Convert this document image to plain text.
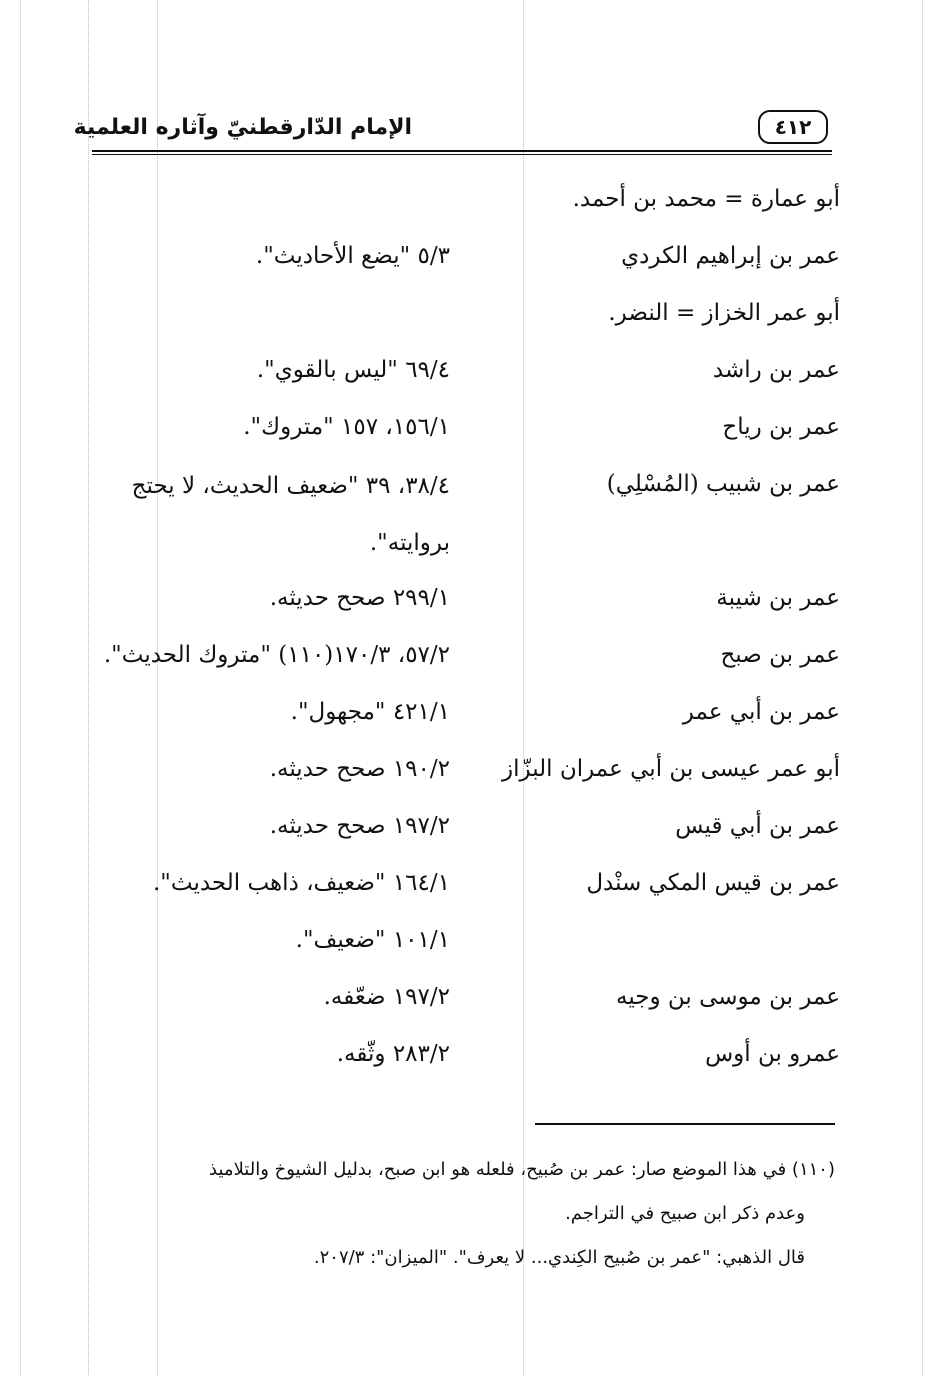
الإمام الدّارقطنيّ وآثاره العلمية	٤١٢
أبو عمارة = محمد بن أحمد.
عمر بن إبراهيم الكردي
٥/٣ "يضع الأحاديث".
أبو عمر الخزاز = النضر.
عمر بن راشد
٦٩/٤ "ليس بالقوي".
عمر بن رياح
١٥٦/١، ١٥٧ "متروك".
عمر بن شبيب (المُسْلِي)
٣٨/٤، ٣٩ "ضعيف الحديث، لا يحتج بروايته".
عمر بن شيبة
٢٩٩/١ صحح حديثه.
عمر بن صبح
٥٧/٢، ١٧٠/٣(١١٠) "متروك الحديث".
عمر بن أبي عمر
٤٢١/١ "مجهول".
أبو عمر عيسى بن أبي عمران البزّاز
١٩٠/٢ صحح حديثه.
عمر بن أبي قيس
١٩٧/٢ صحح حديثه.
عمر بن قيس المكي سنْدل
١٦٤/١ "ضعيف، ذاهب الحديث".
١٠١/١ "ضعيف".
عمر بن موسى بن وجيه
١٩٧/٢ ضعّفه.
عمرو بن أوس
٢٨٣/٢ وثّقه.
(١١٠) في هذا الموضع صار: عمر بن صُبيح، فلعله هو ابن صبح، بدليل الشيوخ والتلاميذ
وعدم ذكر ابن صبيح في التراجم.
قال الذهبي: "عمر بن صُبيح الكِندي... لا يعرف". "الميزان": ٢٠٧/٣.
